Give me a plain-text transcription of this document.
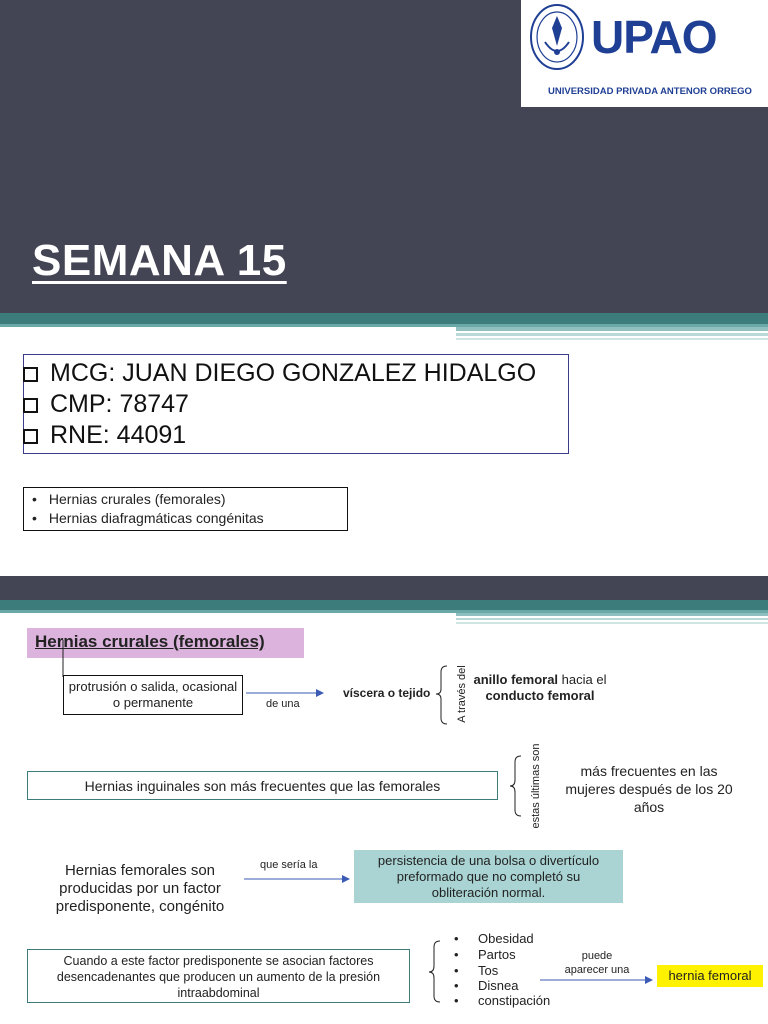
UPAO
UNIVERSIDAD PRIVADA ANTENOR ORREGO
SEMANA 15
MCG: JUAN DIEGO GONZALEZ HIDALGO
CMP: 78747
RNE: 44091
• Hernias crurales (femorales)
• Hernias diafragmáticas congénitas
Hernias crurales (femorales)
protrusión o salida, ocasional o permanente	de una
víscera o tejido A través del anillo femoral hacia el conducto femoral
Hernias inguinales son más frecuentes que las femorales	estas últimas son	más frecuentes en las mujeres después de los 20 años
Hernias femorales son producidas por un factor predisponente, congénito
que sería la	persistencia de una bolsa o divertículo preformado que no completó su obliteración normal.
Cuando a este factor predisponente se asocian factores desencadenantes que producen un aumento de la presión intraabdominal
• Obesidad
• Partos
• Tos
• Disnea
• constipación
puede aparecer una	hernia femoral
